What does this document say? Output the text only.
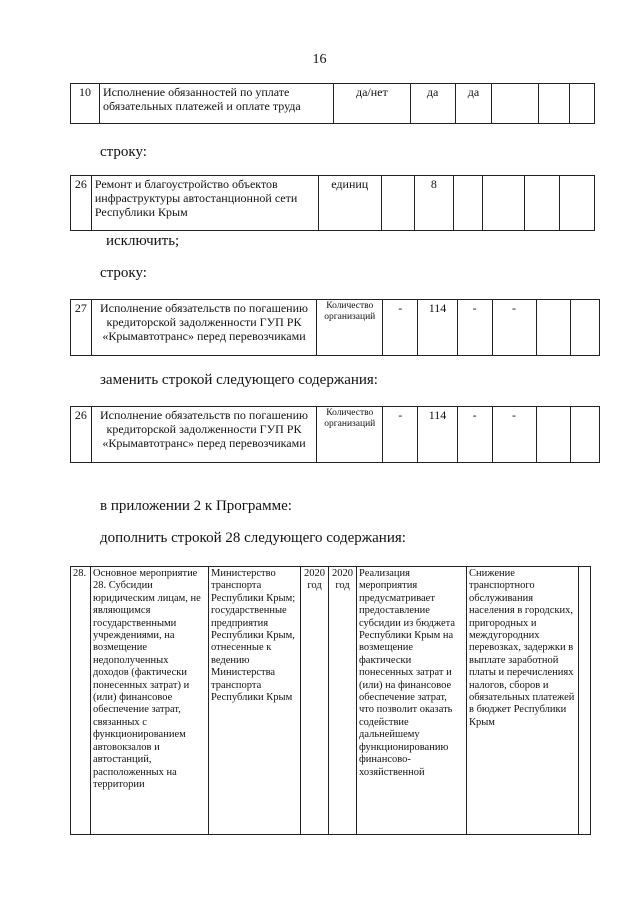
16
10	Исполнение обязанностей по уплате обязательных платежей и оплате труда	да/нет	да	да			
строку:
26	Ремонт и благоустройство объектов инфраструктуры автостанционной сети Республики Крым	единиц		8				
исключить;
строку:
27	Исполнение обязательств по погашению кредиторской задолженности ГУП РК «Крымавтотранс» перед перевозчиками	Количество организаций	-	114	-	-		
заменить строкой следующего содержания:
26	Исполнение обязательств по погашению кредиторской задолженности ГУП РК «Крымавтотранс» перед перевозчиками	Количество организаций	-	114	-	-		
в приложении 2 к Программе:
дополнить строкой 28 следующего содержания:
28.	Основное мероприятие 28. Субсидии юридическим лицам, не являющимся государственными учреждениями, на возмещение недополученных доходов (фактически понесенных затрат) и (или) финансовое обеспечение затрат, связанных с функционированием автовокзалов и автостанций, расположенных на территории	Министерство транспорта Республики Крым; государственные предприятия Республики Крым, отнесенные к ведению Министерства транспорта Республики Крым	2020 год	2020 год	Реализация мероприятия предусматривает предоставление субсидии из бюджета Республики Крым на возмещение фактически понесенных затрат и (или) на финансовое обеспечение затрат, что позволит оказать содействие дальнейшему функционированию финансово-хозяйственной	Снижение транспортного обслуживания населения в городских, пригородных и междугородних перевозках, задержки в выплате заработной платы и перечислениях налогов, сборов и обязательных платежей в бюджет Республики Крым	
